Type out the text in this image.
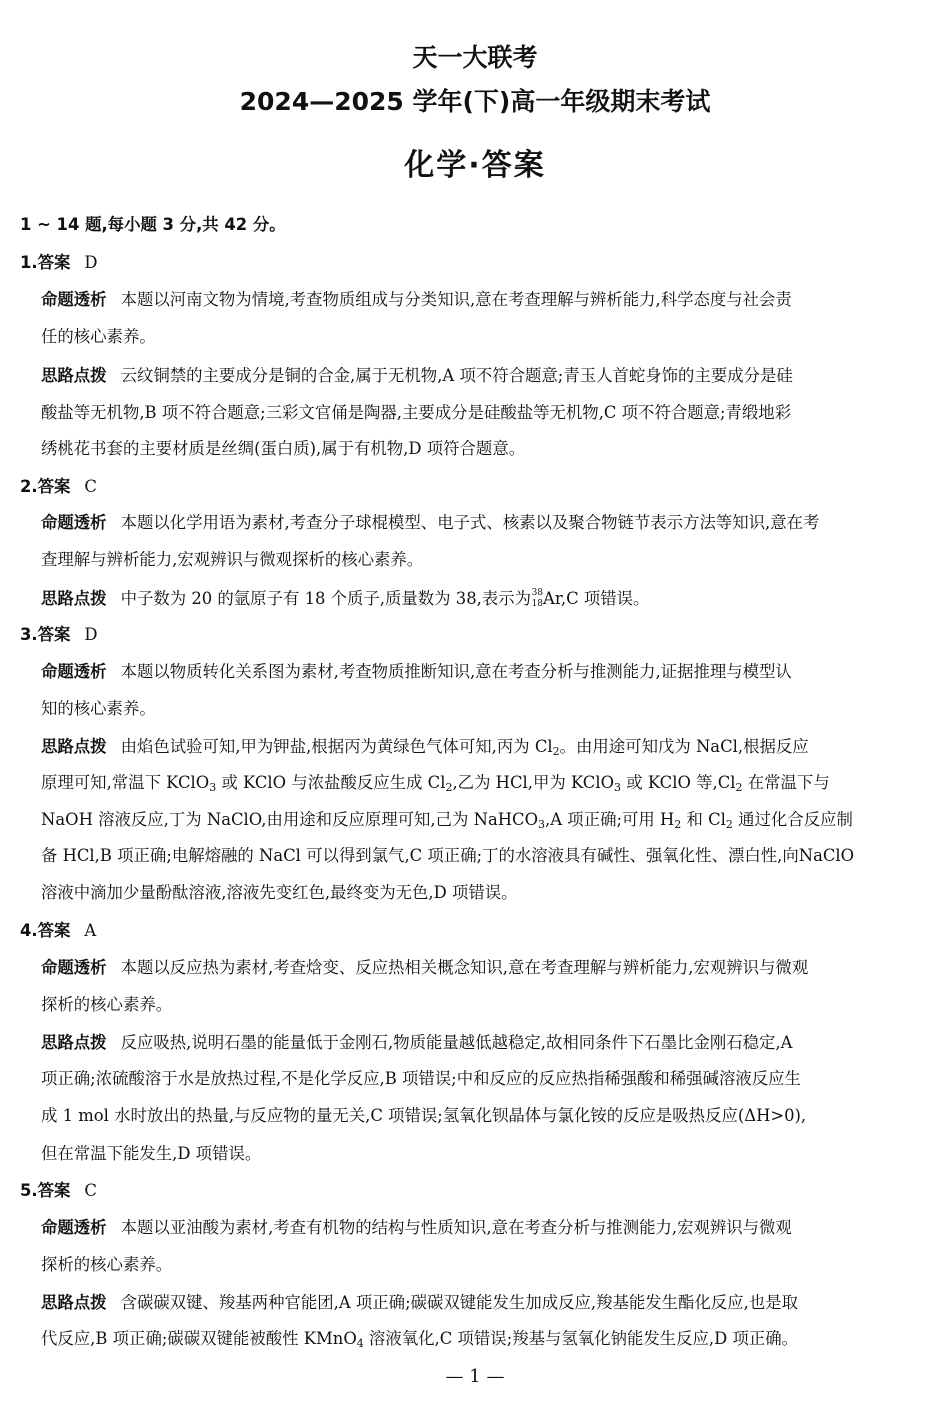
天一大联考
2024—2025 学年(下)高一年级期末考试
化学·答案
1 ~ 14 题,每小题 3 分,共 42 分。
1.答案 D
命题透析 本题以河南文物为情境,考查物质组成与分类知识,意在考查理解与辨析能力,科学态度与社会责
任的核心素养。
思路点拨 云纹铜禁的主要成分是铜的合金,属于无机物,A 项不符合题意;青玉人首蛇身饰的主要成分是硅
酸盐等无机物,B 项不符合题意;三彩文官俑是陶器,主要成分是硅酸盐等无机物,C 项不符合题意;青缎地彩
绣桃花书套的主要材质是丝绸(蛋白质),属于有机物,D 项符合题意。
2.答案 C
命题透析 本题以化学用语为素材,考查分子球棍模型、电子式、核素以及聚合物链节表示方法等知识,意在考
查理解与辨析能力,宏观辨识与微观探析的核心素养。
思路点拨 中子数为 20 的氩原子有 18 个质子,质量数为 38,表示为 38
18 Ar,C 项错误。
3.答案 D
命题透析 本题以物质转化关系图为素材,考查物质推断知识,意在考查分析与推测能力,证据推理与模型认
知的核心素养。
思路点拨 由焰色试验可知,甲为钾盐,根据丙为黄绿色气体可知,丙为 $Cl_2$。由用途可知戊为 NaCl,根据反应
原理可知,常温下 KClO$_3$ 或 KClO 与浓盐酸反应生成 $Cl_2$,乙为 HCl,甲为 KClO$_3$ 或 KClO 等$,Cl_2$ 在常温下与
NaOH 溶液反应,丁为 NaClO,由用途和反应原理可知,己为 NaHCO$_3$,A 项正确;可用 $H_2$ 和 $Cl_2$ 通过化合反应制
备 HCl,B 项正确;电解熔融的 NaCl 可以得到氯气,C 项正确;丁的水溶液具有碱性、强氧化性、漂白性,向NaClO
溶液中滴加少量酚酞溶液,溶液先变红色,最终变为无色,D 项错误。
4.答案 A
命题透析 本题以反应热为素材,考查焓变、反应热相关概念知识,意在考查理解与辨析能力,宏观辨识与微观
探析的核心素养。
思路点拨 反应吸热,说明石墨的能量低于金刚石,物质能量越低越稳定,故相同条件下石墨比金刚石稳定,A
项正确;浓硫酸溶于水是放热过程,不是化学反应,B 项错误;中和反应的反应热指稀强酸和稀强碱溶液反应生
成 1 mol 水时放出的热量,与反应物的量无关,C 项错误;氢氧化钡晶体与氯化铵的反应是吸热反应(ΔH>0),
但在常温下能发生,D 项错误。
5.答案 C
命题透析 本题以亚油酸为素材,考查有机物的结构与性质知识,意在考查分析与推测能力,宏观辨识与微观
探析的核心素养。
思路点拨 含碳碳双键、羧基两种官能团,A 项正确;碳碳双键能发生加成反应,羧基能发生酯化反应,也是取
代反应,B 项正确;碳碳双键能被酸性 KMnO$_4$ 溶液氧化,C 项错误;羧基与氢氧化钠能发生反应,D 项正确。
— 1 —
